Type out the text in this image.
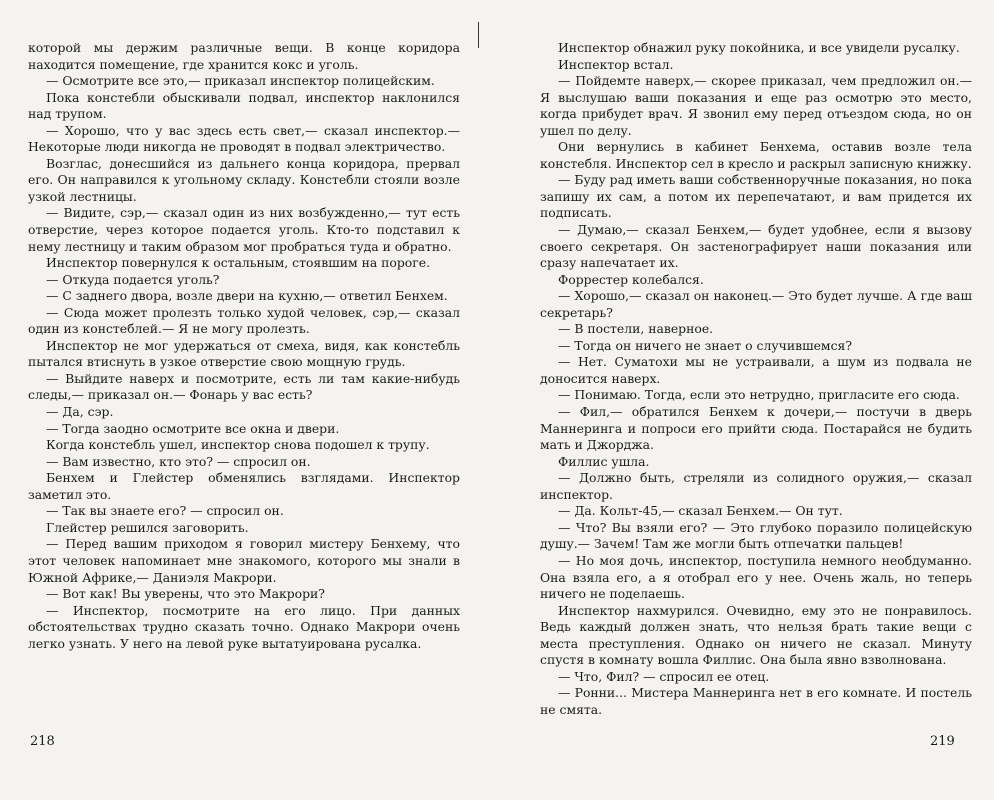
которой мы держим различные вещи. В конце коридора находится помещение, где хранится кокс и уголь.

— Осмотрите все это,— приказал инспектор полицейским.

Пока констебли обыскивали подвал, инспектор наклонился над трупом.

— Хорошо, что у вас здесь есть свет,— сказал инспектор.— Некоторые люди никогда не проводят в подвал электричество.

Возглас, донесшийся из дальнего конца коридора, прервал его. Он направился к угольному складу. Констебли стояли возле узкой лестницы.

— Видите, сэр,— сказал один из них возбужденно,— тут есть отверстие, через которое подается уголь. Кто-то подставил к нему лестницу и таким образом мог пробраться туда и обратно.

Инспектор повернулся к остальным, стоявшим на пороге.

— Откуда подается уголь?

— С заднего двора, возле двери на кухню,— ответил Бенхем.

— Сюда может пролезть только худой человек, сэр,— сказал один из констеблей.— Я не могу пролезть.

Инспектор не мог удержаться от смеха, видя, как констебль пытался втиснуть в узкое отверстие свою мощную грудь.

— Выйдите наверх и посмотрите, есть ли там какие-нибудь следы,— приказал он.— Фонарь у вас есть?

— Да, сэр.

— Тогда заодно осмотрите все окна и двери.

Когда констебль ушел, инспектор снова подошел к трупу.

— Вам известно, кто это? — спросил он.

Бенхем и Глейстер обменялись взглядами. Инспектор заметил это.

— Так вы знаете его? — спросил он.

Глейстер решился заговорить.

— Перед вашим приходом я говорил мистеру Бенхему, что этот человек напоминает мне знакомого, которого мы знали в Южной Африке,— Даниэля Макрори.

— Вот как! Вы уверены, что это Макрори?

— Инспектор, посмотрите на его лицо. При данных обстоятельствах трудно сказать точно. Однако Макрори очень легко узнать. У него на левой руке вытатуирована русалка.

Инспектор обнажил руку покойника, и все увидели русалку.

Инспектор встал.

— Пойдемте наверх,— скорее приказал, чем предложил он.— Я выслушаю ваши показания и еще раз осмотрю это место, когда прибудет врач. Я звонил ему перед отъездом сюда, но он ушел по делу.

Они вернулись в кабинет Бенхема, оставив возле тела констебля. Инспектор сел в кресло и раскрыл записную книжку.

— Буду рад иметь ваши собственноручные показания, но пока запишу их сам, а потом их перепечатают, и вам придется их подписать.

— Думаю,— сказал Бенхем,— будет удобнее, если я вызову своего секретаря. Он застенографирует наши показания или сразу напечатает их.

Форрестер колебался.

— Хорошо,— сказал он наконец.— Это будет лучше. А где ваш секретарь?

— В постели, наверное.

— Тогда он ничего не знает о случившемся?

— Нет. Суматохи мы не устраивали, а шум из подвала не доносится наверх.

— Понимаю. Тогда, если это нетрудно, пригласите его сюда.

— Фил,— обратился Бенхем к дочери,— постучи в дверь Маннеринга и попроси его прийти сюда. Постарайся не будить мать и Джорджа.

Филлис ушла.

— Должно быть, стреляли из солидного оружия,— сказал инспектор.

— Да. Кольт-45,— сказал Бенхем.— Он тут.

— Что? Вы взяли его? — Это глубоко поразило полицейскую душу.— Зачем! Там же могли быть отпечатки пальцев!

— Но моя дочь, инспектор, поступила немного необдуманно. Она взяла его, а я отобрал его у нее. Очень жаль, но теперь ничего не поделаешь.

Инспектор нахмурился. Очевидно, ему это не понравилось. Ведь каждый должен знать, что нельзя брать такие вещи с места преступления. Однако он ничего не сказал. Минуту спустя в комнату вошла Филлис. Она была явно взволнована.

— Что, Фил? — спросил ее отец.

— Ронни... Мистера Маннеринга нет в его комнате. И постель не смята.

218	219
